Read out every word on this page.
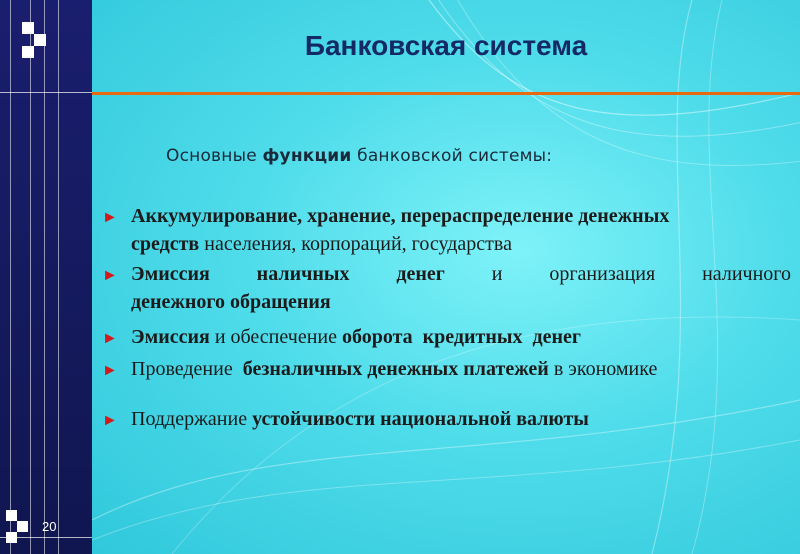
20
Банковская система
Основные функции банковской системы:
► Аккумулирование, хранение, перераспределение денежных
средств населения, корпораций, государства
► Эмиссия наличных денег и организация наличного
денежного обращения
► Эмиссия и обеспечение оборота  кредитных  денег
► Проведение  безналичных денежных платежей в экономике
► Поддержание устойчивости национальной валюты
